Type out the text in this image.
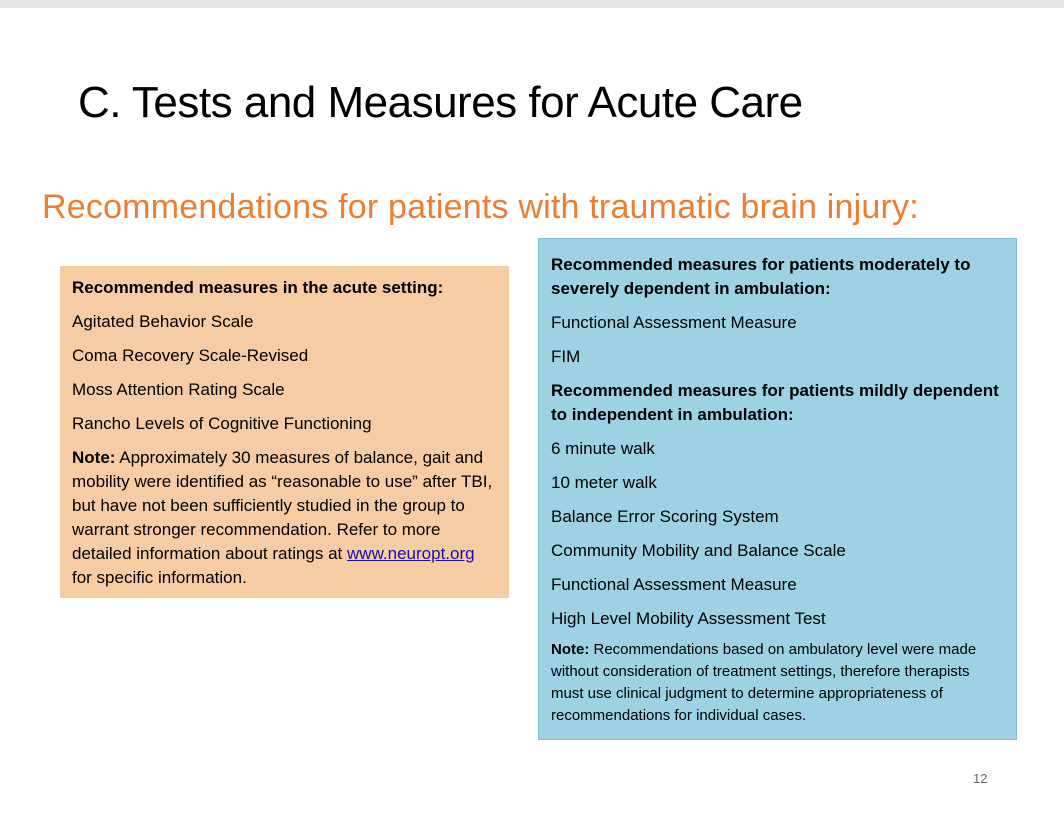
C. Tests and Measures for Acute Care
Recommendations for patients with traumatic brain injury:

Recommended measures in the acute setting:

Agitated Behavior Scale

Coma Recovery Scale-Revised

Moss Attention Rating Scale

Rancho Levels of Cognitive Functioning

Note: Approximately 30 measures of balance, gait and mobility were identified as “reasonable to use” after TBI, but have not been sufficiently studied in the group to warrant stronger recommendation. Refer to more detailed information about ratings at www.neuropt.org for specific information.

Recommended measures for patients moderately to severely dependent in ambulation:

Functional Assessment Measure

FIM

Recommended measures for patients mildly dependent to independent in ambulation:

6 minute walk

10 meter walk

Balance Error Scoring System

Community Mobility and Balance Scale

Functional Assessment Measure

High Level Mobility Assessment Test

Note: Recommendations based on ambulatory level were made without consideration of treatment settings, therefore therapists must use clinical judgment to determine appropriateness of recommendations for individual cases.

12
